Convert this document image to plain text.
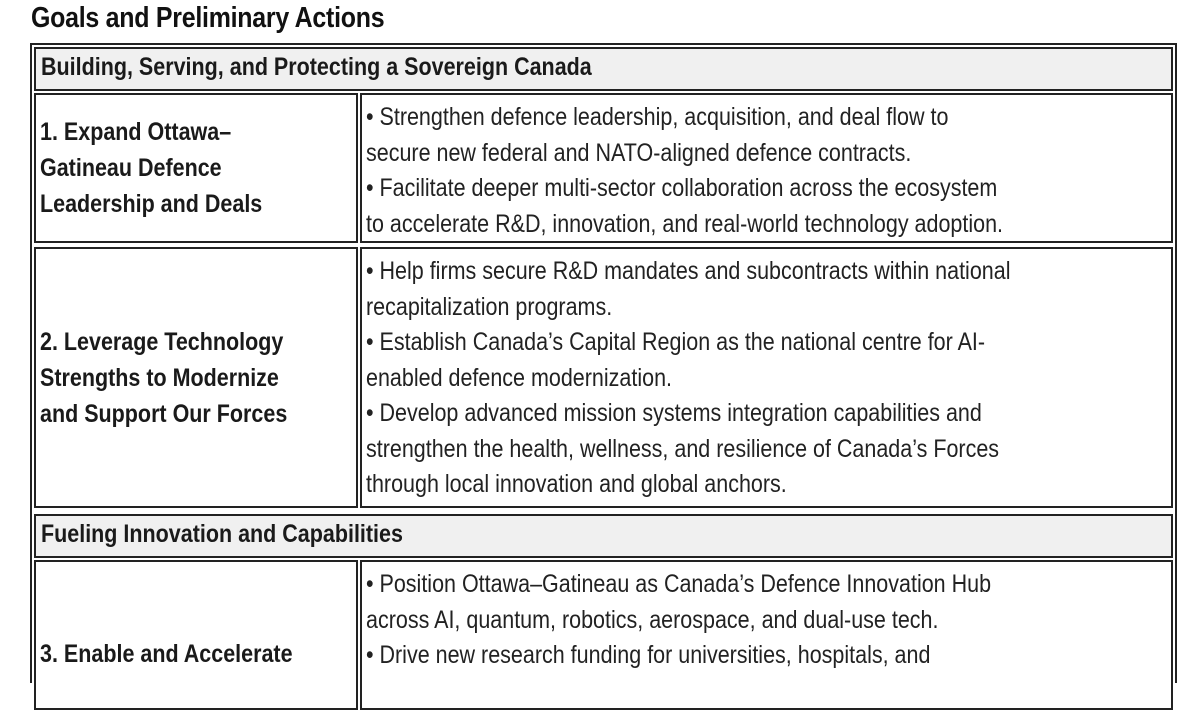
Goals and Preliminary Actions
Building, Serving, and Protecting a Sovereign Canada
1. Expand Ottawa–
Gatineau Defence
Leadership and Deals
• Strengthen defence leadership, acquisition, and deal flow to
secure new federal and NATO-aligned defence contracts.
• Facilitate deeper multi-sector collaboration across the ecosystem
to accelerate R&D, innovation, and real-world technology adoption.
2. Leverage Technology
Strengths to Modernize
and Support Our Forces
• Help firms secure R&D mandates and subcontracts within national
recapitalization programs.
• Establish Canada’s Capital Region as the national centre for AI-
enabled defence modernization.
• Develop advanced mission systems integration capabilities and
strengthen the health, wellness, and resilience of Canada’s Forces
through local innovation and global anchors.
Fueling Innovation and Capabilities
3. Enable and Accelerate
• Position Ottawa–Gatineau as Canada’s Defence Innovation Hub
across AI, quantum, robotics, aerospace, and dual-use tech.
• Drive new research funding for universities, hospitals, and
